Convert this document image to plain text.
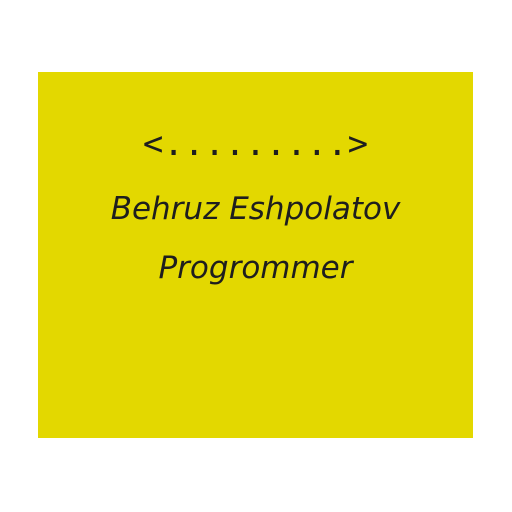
<.........>
Behruz Eshpolatov
Progrommer
